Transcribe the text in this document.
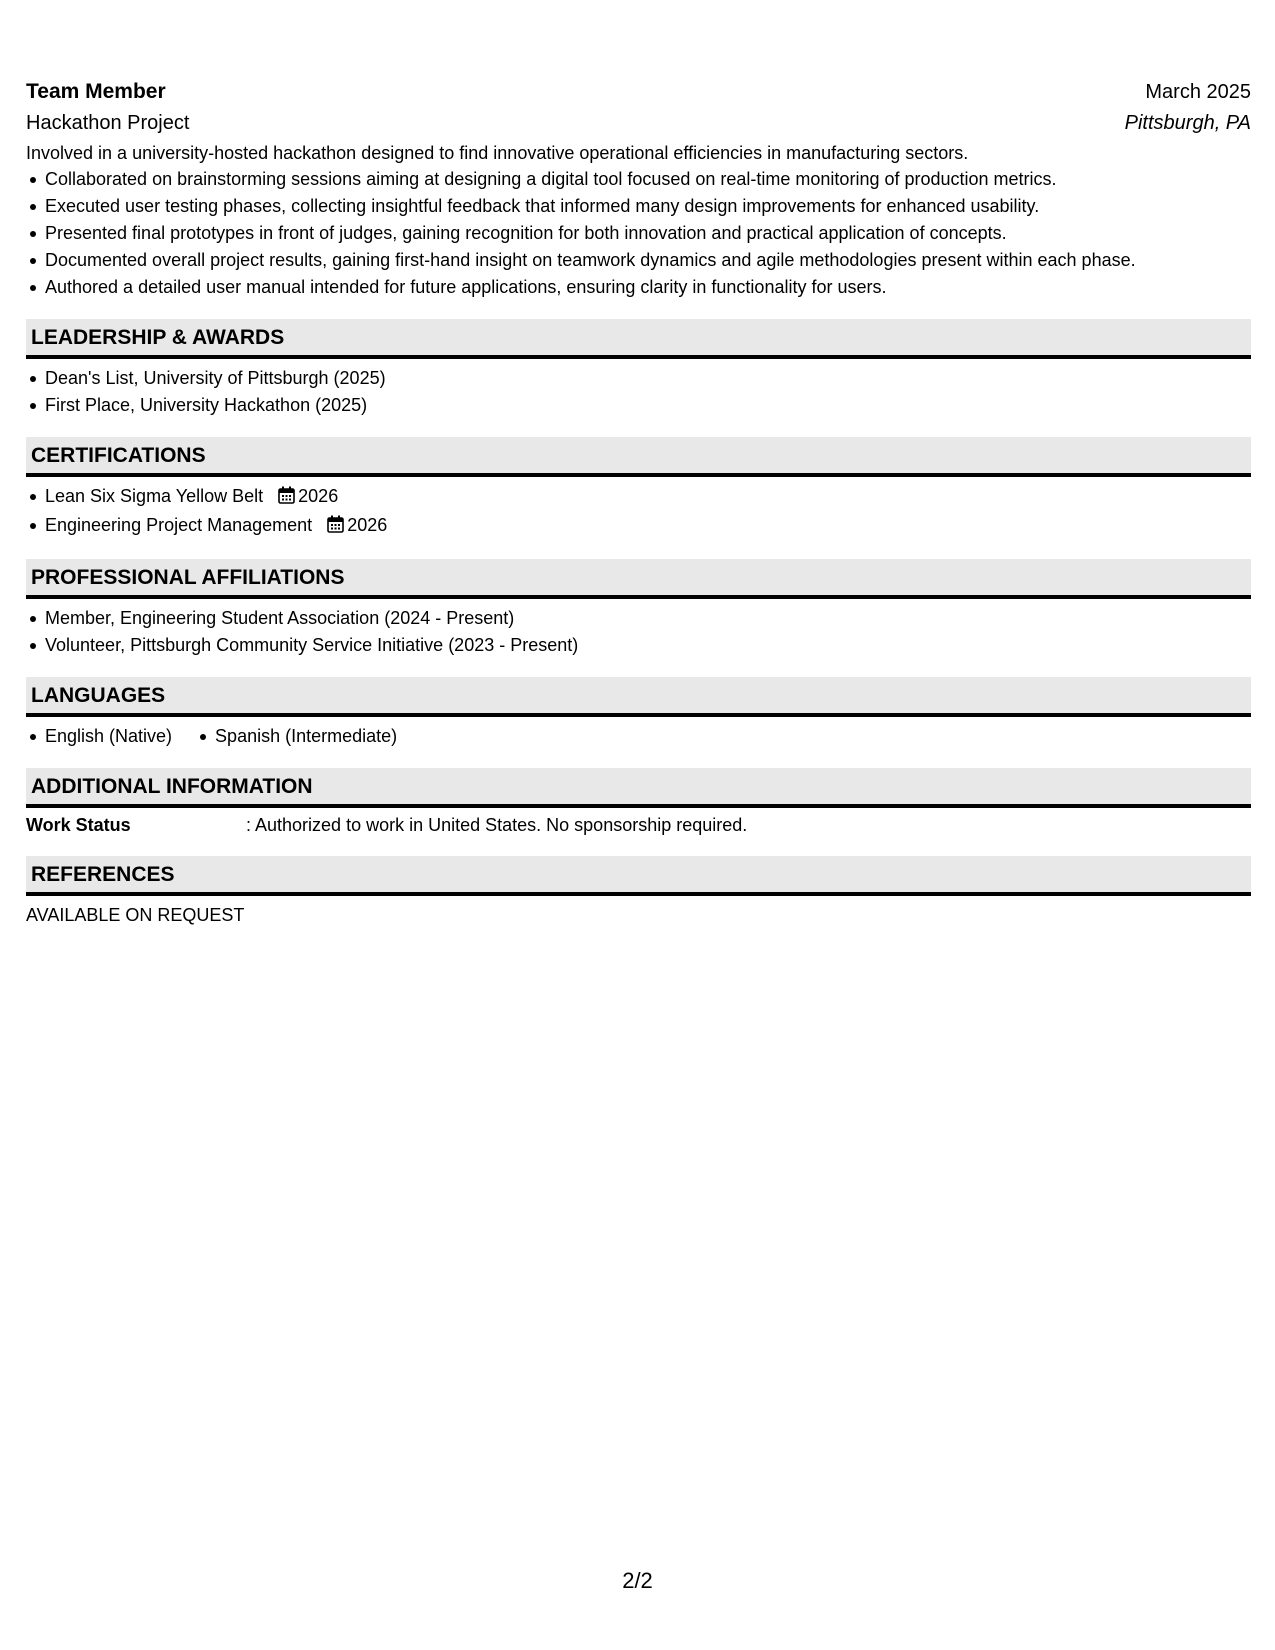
Team Member	March 2025
Hackathon Project	Pittsburgh, PA
Involved in a university-hosted hackathon designed to find innovative operational efficiencies in manufacturing sectors.
Collaborated on brainstorming sessions aiming at designing a digital tool focused on real-time monitoring of production metrics.
Executed user testing phases, collecting insightful feedback that informed many design improvements for enhanced usability.
Presented final prototypes in front of judges, gaining recognition for both innovation and practical application of concepts.
Documented overall project results, gaining first-hand insight on teamwork dynamics and agile methodologies present within each phase.
Authored a detailed user manual intended for future applications, ensuring clarity in functionality for users.
LEADERSHIP & AWARDS
Dean's List, University of Pittsburgh (2025)
First Place, University Hackathon (2025)
CERTIFICATIONS
Lean Six Sigma Yellow Belt 2026
Engineering Project Management 2026
PROFESSIONAL AFFILIATIONS
Member, Engineering Student Association (2024 - Present)
Volunteer, Pittsburgh Community Service Initiative (2023 - Present)
LANGUAGES
English (Native)	Spanish (Intermediate)
ADDITIONAL INFORMATION
Work Status	: Authorized to work in United States. No sponsorship required.
REFERENCES
AVAILABLE ON REQUEST
2/2
